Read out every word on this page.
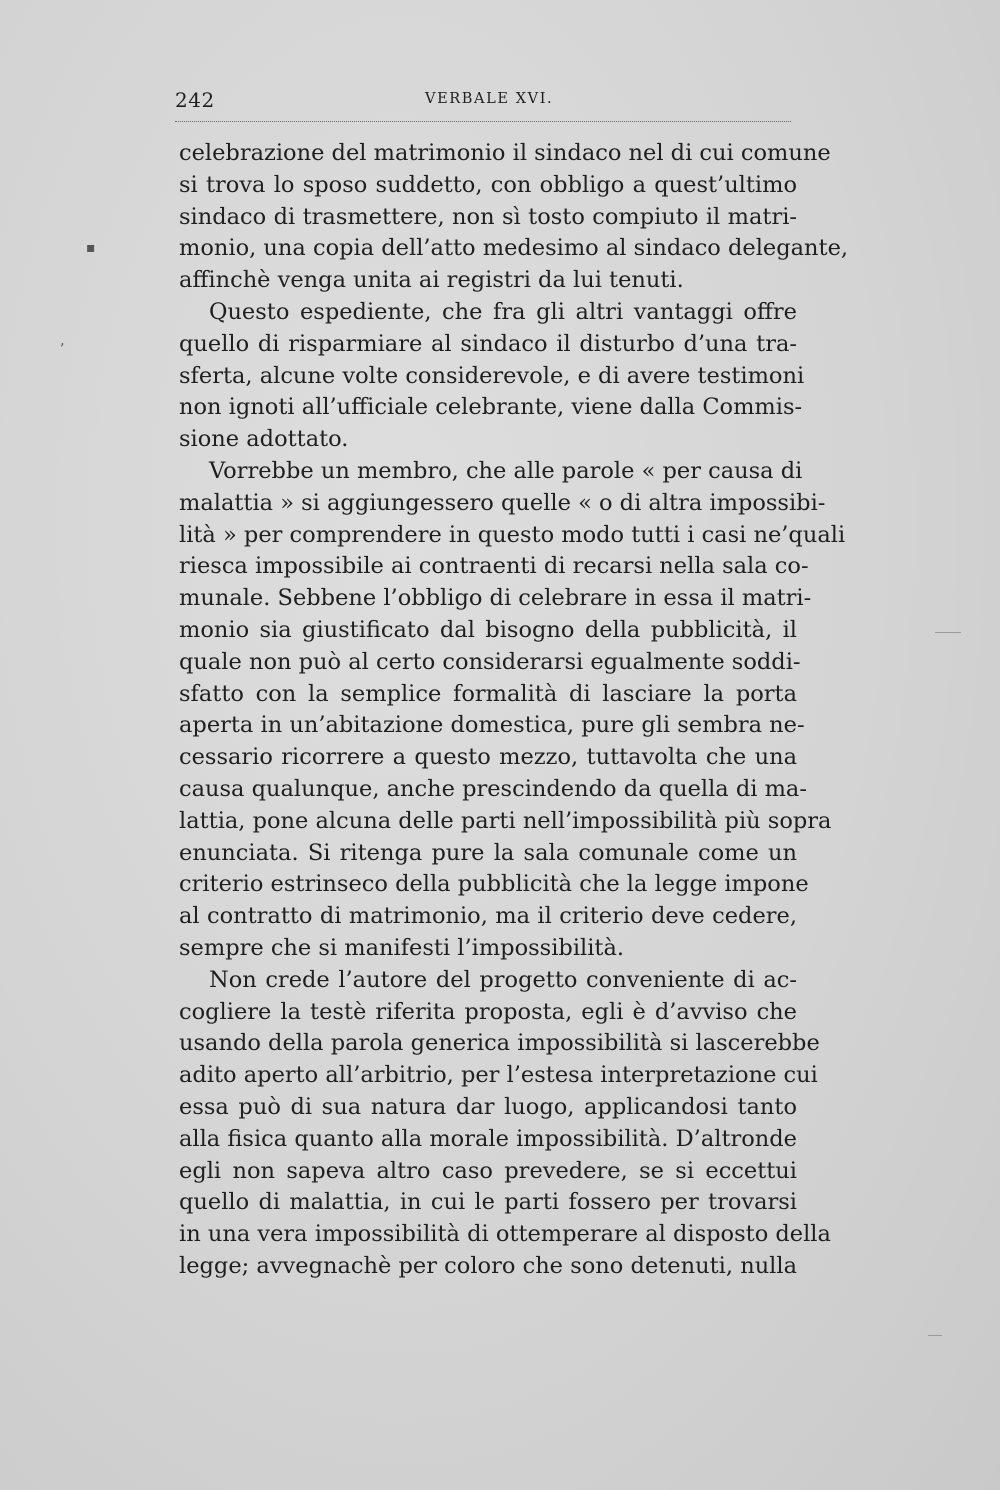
242	VERBALE XVI.
celebrazione del matrimonio il sindaco nel di cui comune
si trova lo sposo suddetto, con obbligo a quest’ultimo
sindaco di trasmettere, non sì tosto compiuto il matri-
monio, una copia dell’atto medesimo al sindaco delegante,
affinchè venga unita ai registri da lui tenuti.
Questo espediente, che fra gli altri vantaggi offre
quello di risparmiare al sindaco il disturbo d’una tra-
sferta, alcune volte considerevole, e di avere testimoni
non ignoti all’ufficiale celebrante, viene dalla Commis-
sione adottato.
Vorrebbe un membro, che alle parole « per causa di
malattia » si aggiungessero quelle « o di altra impossibi-
lità » per comprendere in questo modo tutti i casi ne’quali
riesca impossibile ai contraenti di recarsi nella sala co-
munale. Sebbene l’obbligo di celebrare in essa il matri-
monio sia giustificato dal bisogno della pubblicità, il
quale non può al certo considerarsi egualmente soddi-
sfatto con la semplice formalità di lasciare la porta
aperta in un’abitazione domestica, pure gli sembra ne-
cessario ricorrere a questo mezzo, tuttavolta che una
causa qualunque, anche prescindendo da quella di ma-
lattia, pone alcuna delle parti nell’impossibilità più sopra
enunciata. Si ritenga pure la sala comunale come un
criterio estrinseco della pubblicità che la legge impone
al contratto di matrimonio, ma il criterio deve cedere,
sempre che si manifesti l’impossibilità.
Non crede l’autore del progetto conveniente di ac-
cogliere la testè riferita proposta, egli è d’avviso che
usando della parola generica impossibilità si lascerebbe
adito aperto all’arbitrio, per l’estesa interpretazione cui
essa può di sua natura dar luogo, applicandosi tanto
alla fisica quanto alla morale impossibilità. D’altronde
egli non sapeva altro caso prevedere, se si eccettui
quello di malattia, in cui le parti fossero per trovarsi
in una vera impossibilità di ottemperare al disposto della
legge; avvegnachè per coloro che sono detenuti, nulla
▪
‚
